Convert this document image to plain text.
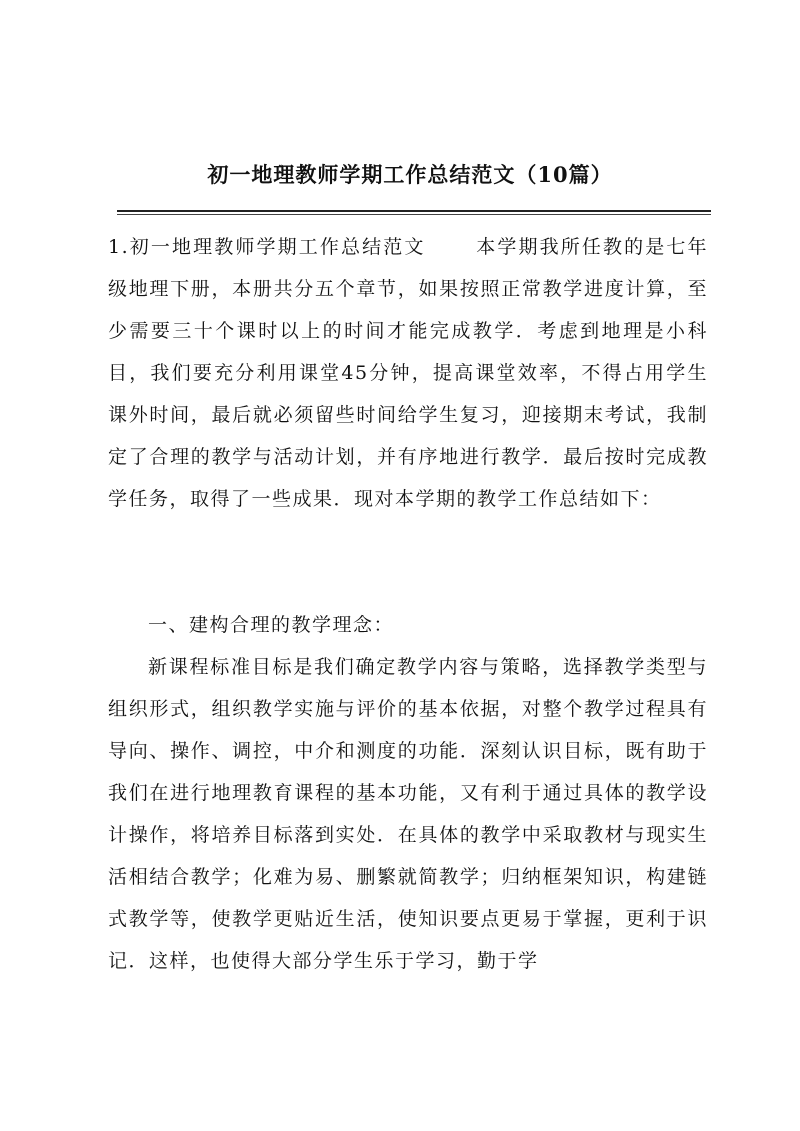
初一地理教师学期工作总结范文（10篇）
1.初一地理教师学期工作总结范文	本学期我所任教的是七年级地理下册，本册共分五个章节，如果按照正常教学进度计算，至少需要三十个课时以上的时间才能完成教学．考虑到地理是小科目，我们要充分利用课堂45分钟，提高课堂效率，不得占用学生课外时间，最后就必须留些时间给学生复习，迎接期末考试，我制定了合理的教学与活动计划，并有序地进行教学．最后按时完成教学任务，取得了一些成果．现对本学期的教学工作总结如下：
一、建构合理的教学理念：
新课程标准目标是我们确定教学内容与策略，选择教学类型与组织形式，组织教学实施与评价的基本依据，对整个教学过程具有导向、操作、调控，中介和测度的功能．深刻认识目标，既有助于我们在进行地理教育课程的基本功能，又有利于通过具体的教学设计操作，将培养目标落到实处．在具体的教学中采取教材与现实生活相结合教学；化难为易、删繁就简教学；归纳框架知识，构建链式教学等，使教学更贴近生活，使知识要点更易于掌握，更利于识记．这样，也使得大部分学生乐于学习，勤于学
